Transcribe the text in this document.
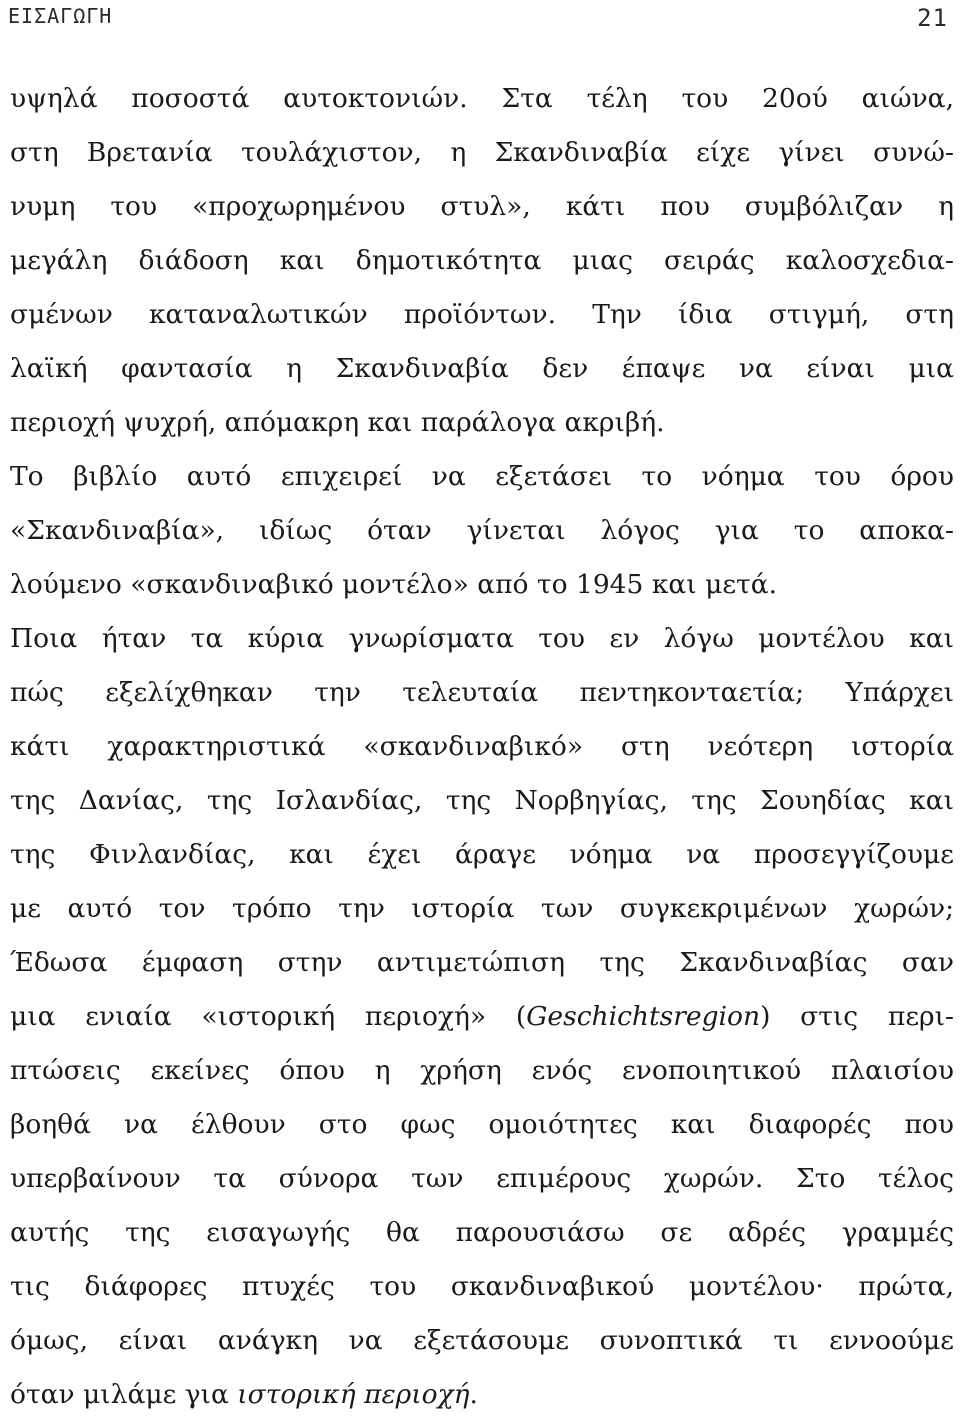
ΕΙΣΑΓΩΓΗ	21
υψηλά ποσοστά αυτοκτονιών. Στα τέλη του 20ού αιώνα,
στη Βρετανία τουλάχιστον, η Σκανδιναβία είχε γίνει συνώ-
νυμη του «προχωρημένου στυλ», κάτι που συμβόλιζαν η
μεγάλη διάδοση και δημοτικότητα μιας σειράς καλοσχεδια-
σμένων καταναλωτικών προϊόντων. Την ίδια στιγμή, στη
λαϊκή φαντασία η Σκανδιναβία δεν έπαψε να είναι μια
περιοχή ψυχρή, απόμακρη και παράλογα ακριβή.
Το βιβλίο αυτό επιχειρεί να εξετάσει το νόημα του όρου
«Σκανδιναβία», ιδίως όταν γίνεται λόγος για το αποκα-
λούμενο «σκανδιναβικό μοντέλο» από το 1945 και μετά.
Ποια ήταν τα κύρια γνωρίσματα του εν λόγω μοντέλου και
πώς εξελίχθηκαν την τελευταία πεντηκονταετία; Υπάρχει
κάτι χαρακτηριστικά «σκανδιναβικό» στη νεότερη ιστορία
της Δανίας, της Ισλανδίας, της Νορβηγίας, της Σουηδίας και
της Φινλανδίας, και έχει άραγε νόημα να προσεγγίζουμε
με αυτό τον τρόπο την ιστορία των συγκεκριμένων χωρών;
Έδωσα έμφαση στην αντιμετώπιση της Σκανδιναβίας σαν
μια ενιαία «ιστορική περιοχή» (Geschichtsregion) στις περι-
πτώσεις εκείνες όπου η χρήση ενός ενοποιητικού πλαισίου
βοηθά να έλθουν στο φως ομοιότητες και διαφορές που
υπερβαίνουν τα σύνορα των επιμέρους χωρών. Στο τέλος
αυτής της εισαγωγής θα παρουσιάσω σε αδρές γραμμές
τις διάφορες πτυχές του σκανδιναβικού μοντέλου· πρώτα,
όμως, είναι ανάγκη να εξετάσουμε συνοπτικά τι εννοούμε
όταν μιλάμε για ιστορική περιοχή.
